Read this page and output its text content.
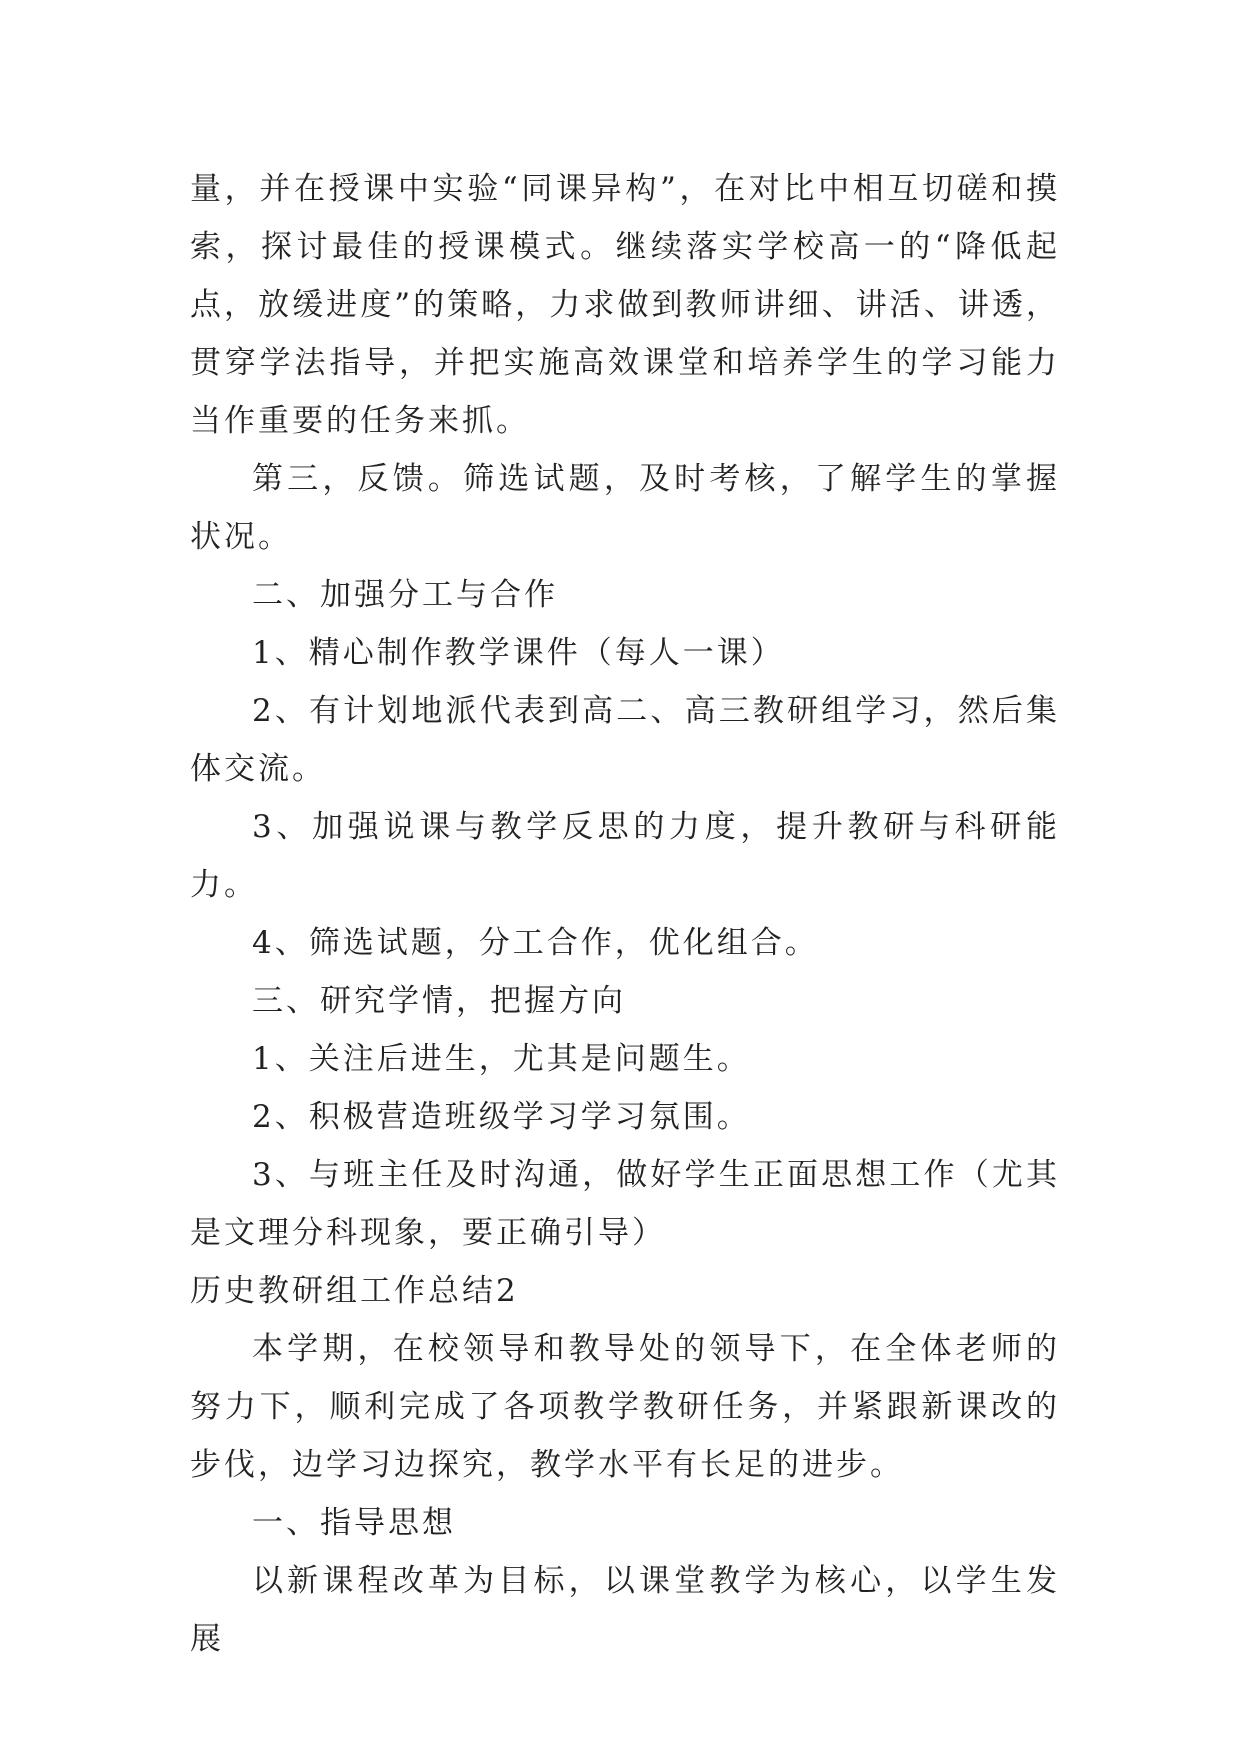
量，并在授课中实验“同课异构”，在对比中相互切磋和摸索，探讨最佳的授课模式。继续落实学校高一的“降低起点，放缓进度”的策略，力求做到教师讲细、讲活、讲透，贯穿学法指导，并把实施高效课堂和培养学生的学习能力当作重要的任务来抓。

第三，反馈。筛选试题，及时考核，了解学生的掌握状况。

二、加强分工与合作

1、精心制作教学课件（每人一课）

2、有计划地派代表到高二、高三教研组学习，然后集体交流。

3、加强说课与教学反思的力度，提升教研与科研能力。

4、筛选试题，分工合作，优化组合。

三、研究学情，把握方向

1、关注后进生，尤其是问题生。

2、积极营造班级学习学习氛围。

3、与班主任及时沟通，做好学生正面思想工作（尤其是文理分科现象，要正确引导）

历史教研组工作总结2

本学期，在校领导和教导处的领导下，在全体老师的努力下，顺利完成了各项教学教研任务，并紧跟新课改的步伐，边学习边探究，教学水平有长足的进步。

一、指导思想

以新课程改革为目标，以课堂教学为核心，以学生发展
